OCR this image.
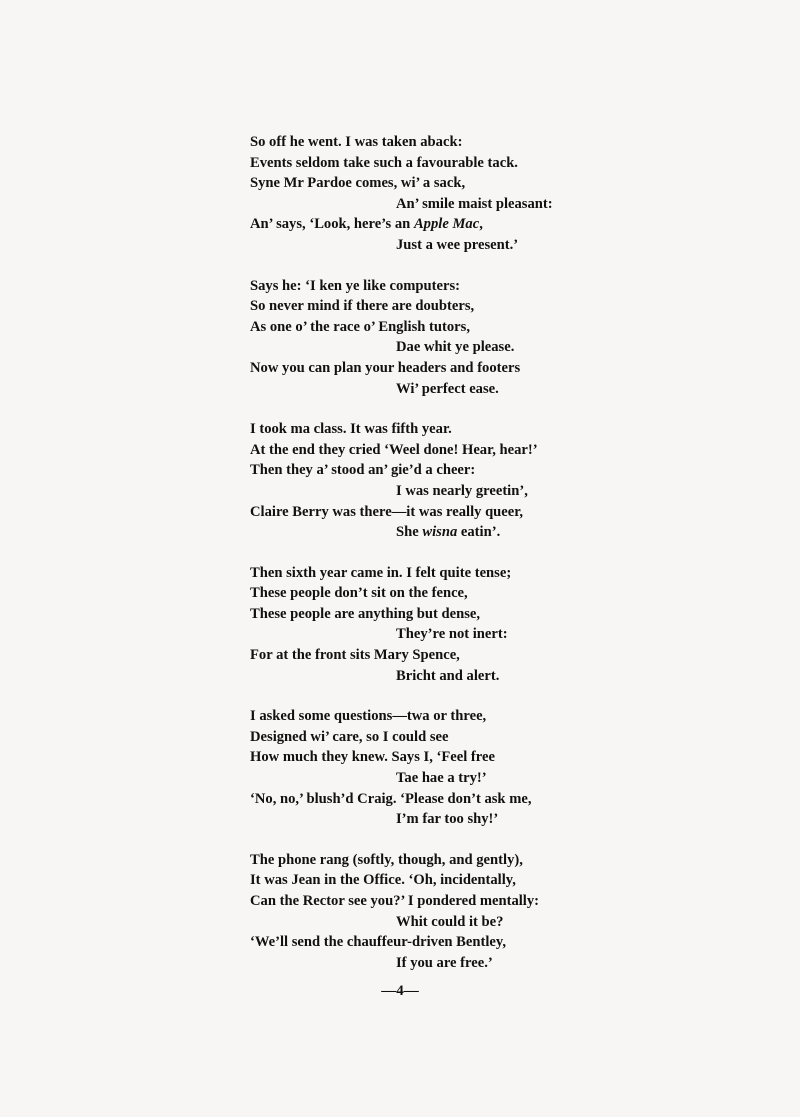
So off he went. I was taken aback:
Events seldom take such a favourable tack.
Syne Mr Pardoe comes, wi’ a sack,
An’ smile maist pleasant:
An’ says, ‘Look, here’s an Apple Mac,
Just a wee present.’
Says he: ‘I ken ye like computers:
So never mind if there are doubters,
As one o’ the race o’ English tutors,
Dae whit ye please.
Now you can plan your headers and footers
Wi’ perfect ease.
I took ma class. It was fifth year.
At the end they cried ‘Weel done! Hear, hear!’
Then they a’ stood an’ gie’d a cheer:
I was nearly greetin’,
Claire Berry was there—it was really queer,
She wisna eatin’.
Then sixth year came in. I felt quite tense;
These people don’t sit on the fence,
These people are anything but dense,
They’re not inert:
For at the front sits Mary Spence,
Bricht and alert.
I asked some questions—twa or three,
Designed wi’ care, so I could see
How much they knew. Says I, ‘Feel free
Tae hae a try!’
‘No, no,’ blush’d Craig. ‘Please don’t ask me,
I’m far too shy!’
The phone rang (softly, though, and gently),
It was Jean in the Office. ‘Oh, incidentally,
Can the Rector see you?’ I pondered mentally:
Whit could it be?
‘We’ll send the chauffeur-driven Bentley,
If you are free.’
—4—
